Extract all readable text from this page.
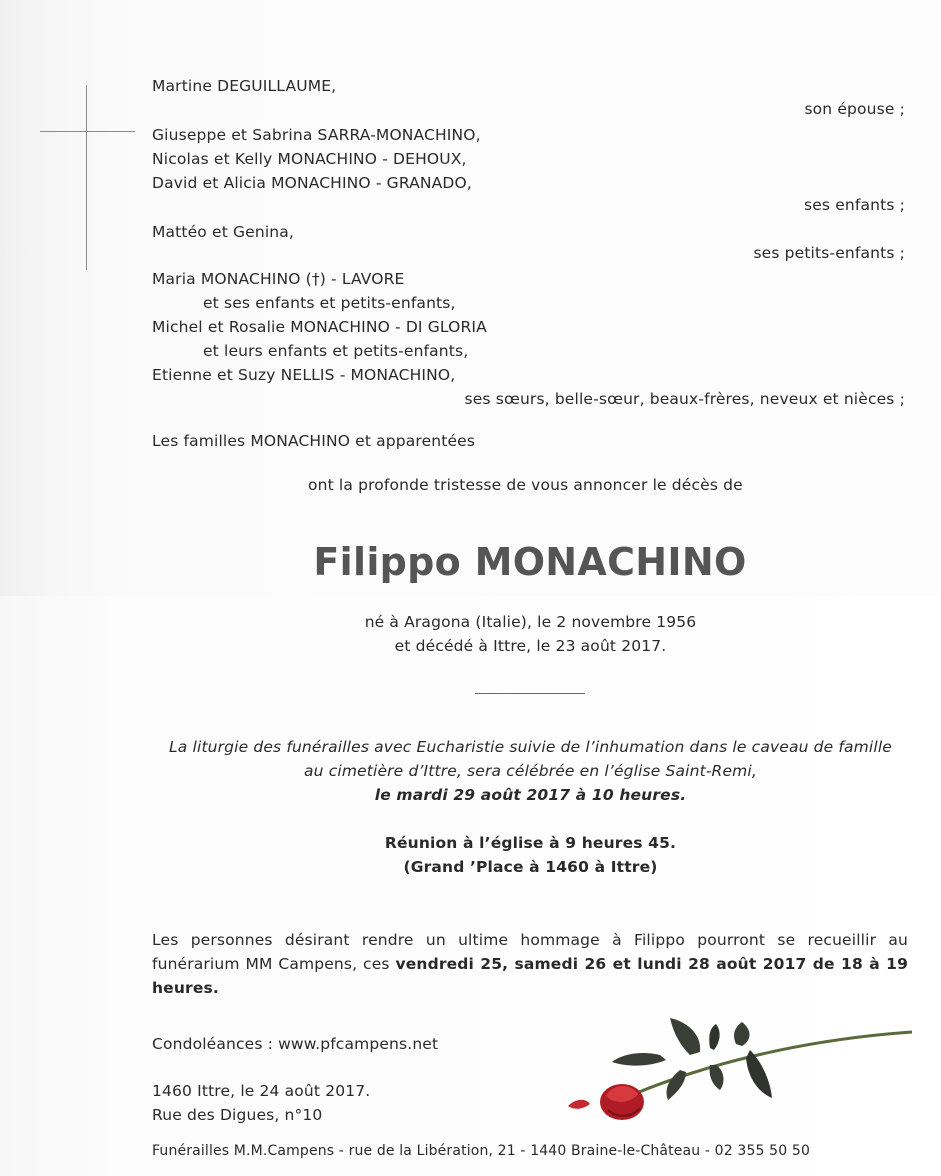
Martine DEGUILLAUME,
son épouse ;
Giuseppe et Sabrina SARRA-MONACHINO,
Nicolas et Kelly MONACHINO - DEHOUX,
David et Alicia MONACHINO - GRANADO,
ses enfants ;
Mattéo et Genina,
ses petits-enfants ;
Maria MONACHINO (†) - LAVORE
et ses enfants et petits-enfants,
Michel et Rosalie MONACHINO - DI GLORIA
et leurs enfants et petits-enfants,
Etienne et Suzy NELLIS - MONACHINO,
ses sœurs, belle-sœur, beaux-frères, neveux et nièces ;
Les familles MONACHINO et apparentées
ont la profonde tristesse de vous annoncer le décès de
Filippo MONACHINO
né à Aragona (Italie), le 2 novembre 1956
et décédé à Ittre, le 23 août 2017.
La liturgie des funérailles avec Eucharistie suivie de l’inhumation dans le caveau de famille
au cimetière d’Ittre, sera célébrée en l’église Saint-Remi,
le mardi 29 août 2017 à 10 heures.
Réunion à l’église à 9 heures 45.
(Grand ’Place à 1460 à Ittre)
Les personnes désirant rendre un ultime hommage à Filippo pourront se recueillir au funérarium MM Campens, ces vendredi 25, samedi 26 et lundi 28 août 2017 de 18 à 19 heures.
Condoléances : www.pfcampens.net
1460 Ittre, le 24 août 2017.
Rue des Digues, n°10
Funérailles M.M.Campens - rue de la Libération, 21 - 1440 Braine-le-Château - 02 355 50 50
